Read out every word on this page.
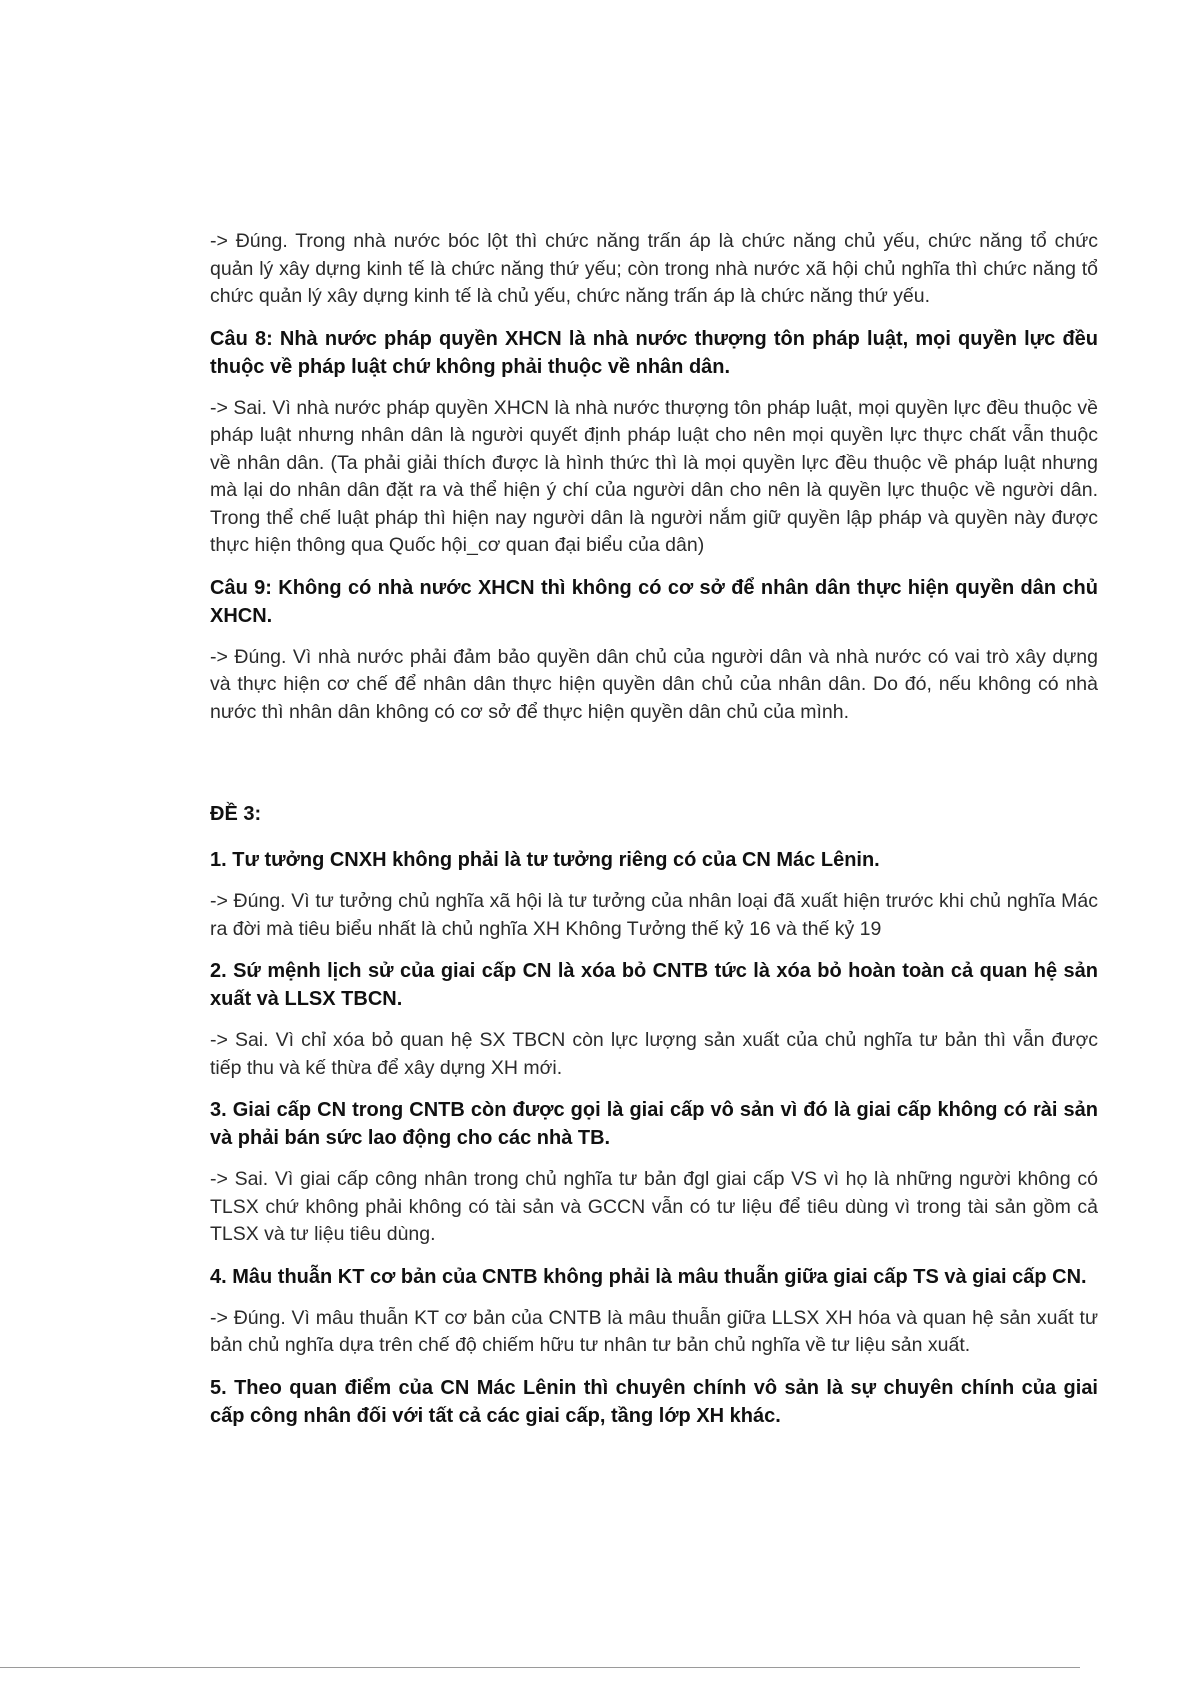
-> Đúng. Trong nhà nước bóc lột thì chức năng trấn áp là chức năng chủ yếu, chức năng tổ chức quản lý xây dựng kinh tế là chức năng thứ yếu; còn trong nhà nước xã hội chủ nghĩa thì chức năng tổ chức quản lý xây dựng kinh tế là chủ yếu, chức năng trấn áp là chức năng thứ yếu.

Câu 8: Nhà nước pháp quyền XHCN là nhà nước thượng tôn pháp luật, mọi quyền lực đều thuộc về pháp luật chứ không phải thuộc về nhân dân.

-> Sai. Vì nhà nước pháp quyền XHCN là nhà nước thượng tôn pháp luật, mọi quyền lực đều thuộc về pháp luật nhưng nhân dân là người quyết định pháp luật cho nên mọi quyền lực thực chất vẫn thuộc về nhân dân. (Ta phải giải thích được là hình thức thì là mọi quyền lực đều thuộc về pháp luật nhưng mà lại do nhân dân đặt ra và thể hiện ý chí của người dân cho nên là quyền lực thuộc về người dân. Trong thể chế luật pháp thì hiện nay người dân là người nắm giữ quyền lập pháp và quyền này được thực hiện thông qua Quốc hội_cơ quan đại biểu của dân)

Câu 9: Không có nhà nước XHCN thì không có cơ sở để nhân dân thực hiện quyền dân chủ XHCN.

-> Đúng. Vì nhà nước phải đảm bảo quyền dân chủ của người dân và nhà nước có vai trò xây dựng và thực hiện cơ chế để nhân dân thực hiện quyền dân chủ của nhân dân. Do đó, nếu không có nhà nước thì nhân dân không có cơ sở để thực hiện quyền dân chủ của mình.

ĐỀ 3:

1. Tư tưởng CNXH không phải là tư tưởng riêng có của CN Mác Lênin.

-> Đúng. Vì tư tưởng chủ nghĩa xã hội là tư tưởng của nhân loại đã xuất hiện trước khi chủ nghĩa Mác ra đời mà tiêu biểu nhất là chủ nghĩa XH Không Tưởng thế kỷ 16 và thế kỷ 19

2. Sứ mệnh lịch sử của giai cấp CN là xóa bỏ CNTB tức là xóa bỏ hoàn toàn cả quan hệ sản xuất và LLSX TBCN.

-> Sai. Vì chỉ xóa bỏ quan hệ SX TBCN còn lực lượng sản xuất của chủ nghĩa tư bản thì vẫn được tiếp thu và kế thừa để xây dựng XH mới.

3. Giai cấp CN trong CNTB còn được gọi là giai cấp vô sản vì đó là giai cấp không có rài sản và phải bán sức lao động cho các nhà TB.

-> Sai. Vì giai cấp công nhân trong chủ nghĩa tư bản đgl giai cấp VS vì họ là những người không có TLSX chứ không phải không có tài sản và GCCN vẫn có tư liệu để tiêu dùng vì trong tài sản gồm cả TLSX và tư liệu tiêu dùng.

4. Mâu thuẫn KT cơ bản của CNTB không phải là mâu thuẫn giữa giai cấp TS và giai cấp CN.

-> Đúng. Vì mâu thuẫn KT cơ bản của CNTB là mâu thuẫn giữa LLSX XH hóa và quan hệ sản xuất tư bản chủ nghĩa dựa trên chế độ chiếm hữu tư nhân tư bản chủ nghĩa về tư liệu sản xuất.

5. Theo quan điểm của CN Mác Lênin thì chuyên chính vô sản là sự chuyên chính của giai cấp công nhân đối với tất cả các giai cấp, tầng lớp XH khác.
